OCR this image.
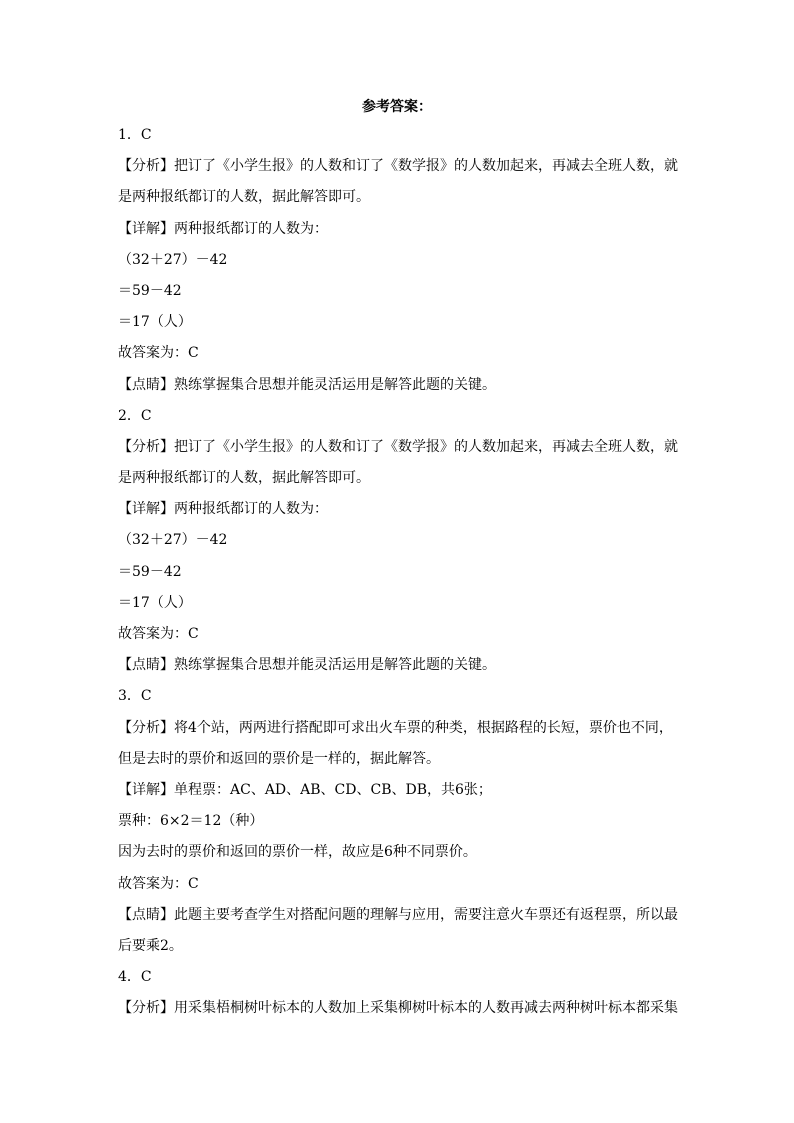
参考答案：
1．C
【分析】把订了《小学生报》的人数和订了《数学报》的人数加起来，再减去全班人数，就
是两种报纸都订的人数，据此解答即可。
【详解】两种报纸都订的人数为：
（32＋27）－42
＝59－42
＝17（人）
故答案为：C
【点睛】熟练掌握集合思想并能灵活运用是解答此题的关键。
2．C
【分析】把订了《小学生报》的人数和订了《数学报》的人数加起来，再减去全班人数，就
是两种报纸都订的人数，据此解答即可。
【详解】两种报纸都订的人数为：
（32＋27）－42
＝59－42
＝17（人）
故答案为：C
【点睛】熟练掌握集合思想并能灵活运用是解答此题的关键。
3．C
【分析】将4个站，两两进行搭配即可求出火车票的种类，根据路程的长短，票价也不同，
但是去时的票价和返回的票价是一样的，据此解答。
【详解】单程票：AC、AD、AB、CD、CB、DB，共6张；
票种：6×2＝12（种）
因为去时的票价和返回的票价一样，故应是6种不同票价。
故答案为：C
【点睛】此题主要考查学生对搭配问题的理解与应用，需要注意火车票还有返程票，所以最
后要乘2。
4．C
【分析】用采集梧桐树叶标本的人数加上采集柳树叶标本的人数再减去两种树叶标本都采集
